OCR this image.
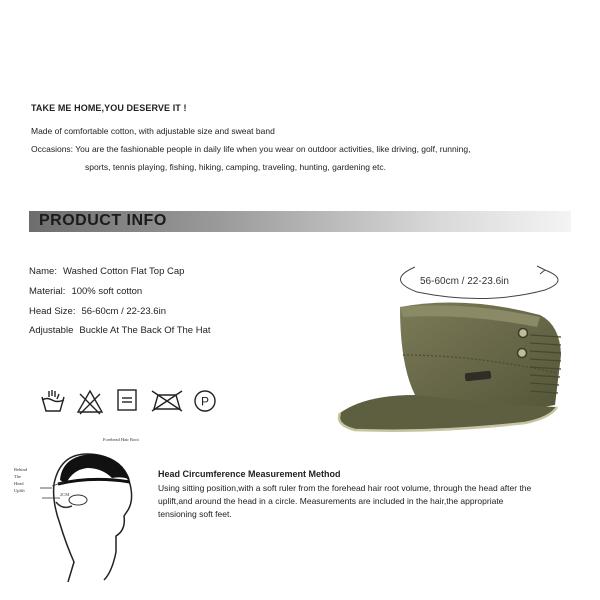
TAKE ME HOME,YOU DESERVE IT !
Made of comfortable cotton, with adjustable size and sweat band
Occasions: You are the fashionable people in daily life when you wear on outdoor activities, like driving, golf, running,
sports, tennis playing, fishing, hiking, camping, traveling, hunting, gardening etc.
PRODUCT INFO
Name: Washed Cotton Flat Top Cap
Material: 100% soft cotton
Head Size: 56-60cm / 22-23.6in
Adjustable Buckle At The Back Of The Hat
P
56-60cm / 22-23.6in
Forehead Hair Root
Behind
The
Head
Uplift
2CM
Head Circumference Measurement Method
Using sitting position,with a soft ruler from the forehead hair root volume, through the head after the
uplift,and around the head in a circle. Measurements are included in the hair,the appropriate
tensioning soft feet.
